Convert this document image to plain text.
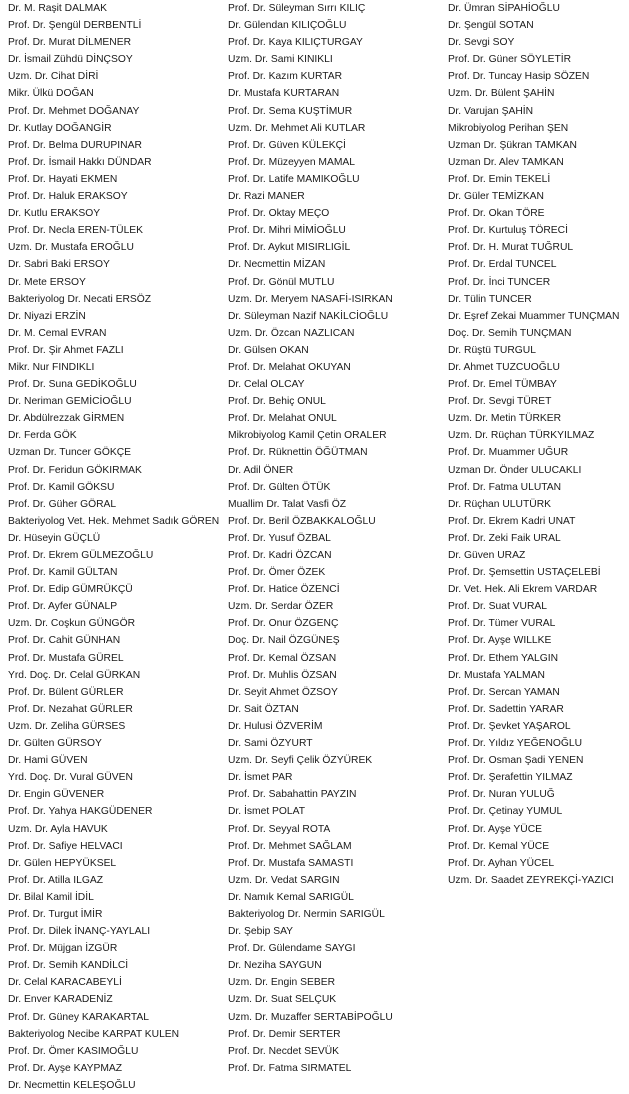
Dr. M. Raşit DALMAK
Prof. Dr. Şengül DERBENTLİ
Prof. Dr. Murat DİLMENER
Dr. İsmail Zühdü DİNÇSOY
Uzm. Dr. Cihat DİRİ
Mikr. Ülkü DOĞAN
Prof. Dr. Mehmet DOĞANAY
Dr. Kutlay DOĞANGİR
Prof. Dr. Belma DURUPINAR
Prof. Dr. İsmail Hakkı DÜNDAR
Prof. Dr. Hayati EKMEN
Prof. Dr. Haluk ERAKSOY
Dr. Kutlu ERAKSOY
Prof. Dr. Necla EREN-TÜLEK
Uzm. Dr. Mustafa EROĞLU
Dr. Sabri Baki ERSOY
Dr. Mete ERSOY
Bakteriyolog Dr. Necati ERSÖZ
Dr. Niyazi ERZİN
Dr. M. Cemal EVRAN
Prof. Dr. Şir Ahmet FAZLI
Mikr. Nur FINDIKLI
Prof. Dr. Suna GEDİKOĞLU
Dr. Neriman GEMİCİOĞLU
Dr. Abdülrezzak GİRMEN
Dr. Ferda GÖK
Uzman Dr. Tuncer GÖKÇE
Prof. Dr. Feridun GÖKIRMAK
Prof. Dr. Kamil GÖKSU
Prof. Dr. Güher GÖRAL
Bakteriyolog Vet. Hek. Mehmet Sadık GÖREN
Dr. Hüseyin GÜÇLÜ
Prof. Dr. Ekrem GÜLMEZOĞLU
Prof. Dr. Kamil GÜLTAN
Prof. Dr. Edip GÜMRÜKÇÜ
Prof. Dr. Ayfer GÜNALP
Uzm. Dr. Coşkun GÜNGÖR
Prof. Dr. Cahit GÜNHAN
Prof. Dr. Mustafa GÜREL
Yrd. Doç. Dr. Celal GÜRKAN
Prof. Dr. Bülent GÜRLER
Prof. Dr. Nezahat GÜRLER
Uzm. Dr. Zeliha GÜRSES
Dr. Gülten GÜRSOY
Dr. Hami GÜVEN
Yrd. Doç. Dr. Vural GÜVEN
Dr. Engin GÜVENER
Prof. Dr. Yahya HAKGÜDENER
Uzm. Dr. Ayla HAVUK
Prof. Dr. Safiye HELVACI
Dr. Gülen HEPYÜKSEL
Prof. Dr. Atilla ILGAZ
Dr. Bilal Kamil İDİL
Prof. Dr. Turgut İMİR
Prof. Dr. Dilek İNANÇ-YAYLALI
Prof. Dr. Müjgan İZGÜR
Prof. Dr. Semih KANDİLCİ
Dr. Celal KARACABEYLİ
Dr. Enver KARADENİZ
Prof. Dr. Güney KARAKARTAL
Bakteriyolog Necibe KARPAT KULEN
Prof. Dr. Ömer KASIMOĞLU
Prof. Dr. Ayşe KAYPMAZ
Dr. Necmettin KELEŞOĞLU
Prof. Dr. Süleyman Sırrı KILIÇ
Dr. Gülendan KILIÇOĞLU
Prof. Dr. Kaya KILIÇTURGAY
Uzm. Dr. Sami KINIKLI
Prof. Dr. Kazım KURTAR
Dr. Mustafa KURTARAN
Prof. Dr. Sema KUŞTİMUR
Uzm. Dr. Mehmet Ali KUTLAR
Prof. Dr. Güven KÜLEKÇİ
Prof. Dr. Müzeyyen MAMAL
Prof. Dr. Latife MAMIKOĞLU
Dr. Razi MANER
Prof. Dr. Oktay MEÇO
Prof. Dr. Mihri MİMİOĞLU
Prof. Dr. Aykut MISIRLIGİL
Dr. Necmettin MİZAN
Prof. Dr. Gönül MUTLU
Uzm. Dr. Meryem NASAFİ-ISIRKAN
Dr. Süleyman Nazif NAKİLCİOĞLU
Uzm. Dr. Özcan NAZLICAN
Dr. Gülsen OKAN
Prof. Dr. Melahat OKUYAN
Dr. Celal OLCAY
Prof. Dr. Behiç ONUL
Prof. Dr. Melahat ONUL
Mikrobiyolog Kamil Çetin ORALER
Prof. Dr. Rüknettin ÖĞÜTMAN
Dr. Adil ÖNER
Prof. Dr. Gülten ÖTÜK
Muallim Dr. Talat Vasfi ÖZ
Prof. Dr. Beril ÖZBAKKALOĞLU
Prof. Dr. Yusuf ÖZBAL
Prof. Dr. Kadri ÖZCAN
Prof. Dr. Ömer ÖZEK
Prof. Dr. Hatice ÖZENCİ
Uzm. Dr. Serdar ÖZER
Prof. Dr. Onur ÖZGENÇ
Doç. Dr. Nail ÖZGÜNEŞ
Prof. Dr. Kemal ÖZSAN
Prof. Dr. Muhlis ÖZSAN
Dr. Seyit Ahmet ÖZSOY
Dr. Sait ÖZTAN
Dr. Hulusi ÖZVERİM
Dr. Sami ÖZYURT
Uzm. Dr. Seyfi Çelik ÖZYÜREK
Dr. İsmet PAR
Prof. Dr. Sabahattin PAYZIN
Dr. İsmet POLAT
Prof. Dr. Seyyal ROTA
Prof. Dr. Mehmet SAĞLAM
Prof. Dr. Mustafa SAMASTI
Uzm. Dr. Vedat SARGIN
Dr. Namık Kemal SARIGÜL
Bakteriyolog Dr. Nermin SARIGÜL
Dr. Şebip SAY
Prof. Dr. Gülendame SAYGI
Dr. Neziha SAYGUN
Uzm. Dr. Engin SEBER
Uzm. Dr. Suat SELÇUK
Uzm. Dr. Muzaffer SERTABİPOĞLU
Prof. Dr. Demir SERTER
Prof. Dr. Necdet SEVÜK
Prof. Dr. Fatma SIRMATEL
Dr. Ümran SİPAHİOĞLU
Dr. Şengül SOTAN
Dr. Sevgi SOY
Prof. Dr. Güner SÖYLETİR
Prof. Dr. Tuncay Hasip SÖZEN
Uzm. Dr. Bülent ŞAHİN
Dr. Varujan ŞAHİN
Mikrobiyolog Perihan ŞEN
Uzman Dr. Şükran TAMKAN
Uzman Dr. Alev TAMKAN
Prof. Dr. Emin TEKELİ
Dr. Güler TEMİZKAN
Prof. Dr. Okan TÖRE
Prof. Dr. Kurtuluş TÖRECİ
Prof. Dr. H. Murat TUĞRUL
Prof. Dr. Erdal TUNCEL
Prof. Dr. İnci TUNCER
Dr. Tülin TUNCER
Dr. Eşref Zekai Muammer TUNÇMAN
Doç. Dr. Semih TUNÇMAN
Dr. Rüştü TURGUL
Dr. Ahmet TUZCUOĞLU
Prof. Dr. Emel TÜMBAY
Prof. Dr. Sevgi TÜRET
Uzm. Dr. Metin TÜRKER
Uzm. Dr. Rüçhan TÜRKYILMAZ
Prof. Dr. Muammer UĞUR
Uzman Dr. Önder ULUCAKLI
Prof. Dr. Fatma ULUTAN
Dr. Rüçhan ULUTÜRK
Prof. Dr. Ekrem Kadri UNAT
Prof. Dr. Zeki Faik URAL
Dr. Güven URAZ
Prof. Dr. Şemsettin USTAÇELEBİ
Dr. Vet. Hek. Ali Ekrem VARDAR
Prof. Dr. Suat VURAL
Prof. Dr. Tümer VURAL
Prof. Dr. Ayşe WILLKE
Prof. Dr. Ethem YALGIN
Dr. Mustafa YALMAN
Prof. Dr. Sercan YAMAN
Prof. Dr. Sadettin YARAR
Prof. Dr. Şevket YAŞAROL
Prof. Dr. Yıldız YEĞENOĞLU
Prof. Dr. Osman Şadi YENEN
Prof. Dr. Şerafettin YILMAZ
Prof. Dr. Nuran YULUĞ
Prof. Dr. Çetinay YUMUL
Prof. Dr. Ayşe YÜCE
Prof. Dr. Kemal YÜCE
Prof. Dr. Ayhan YÜCEL
Uzm. Dr. Saadet ZEYREKÇİ-YAZICI
